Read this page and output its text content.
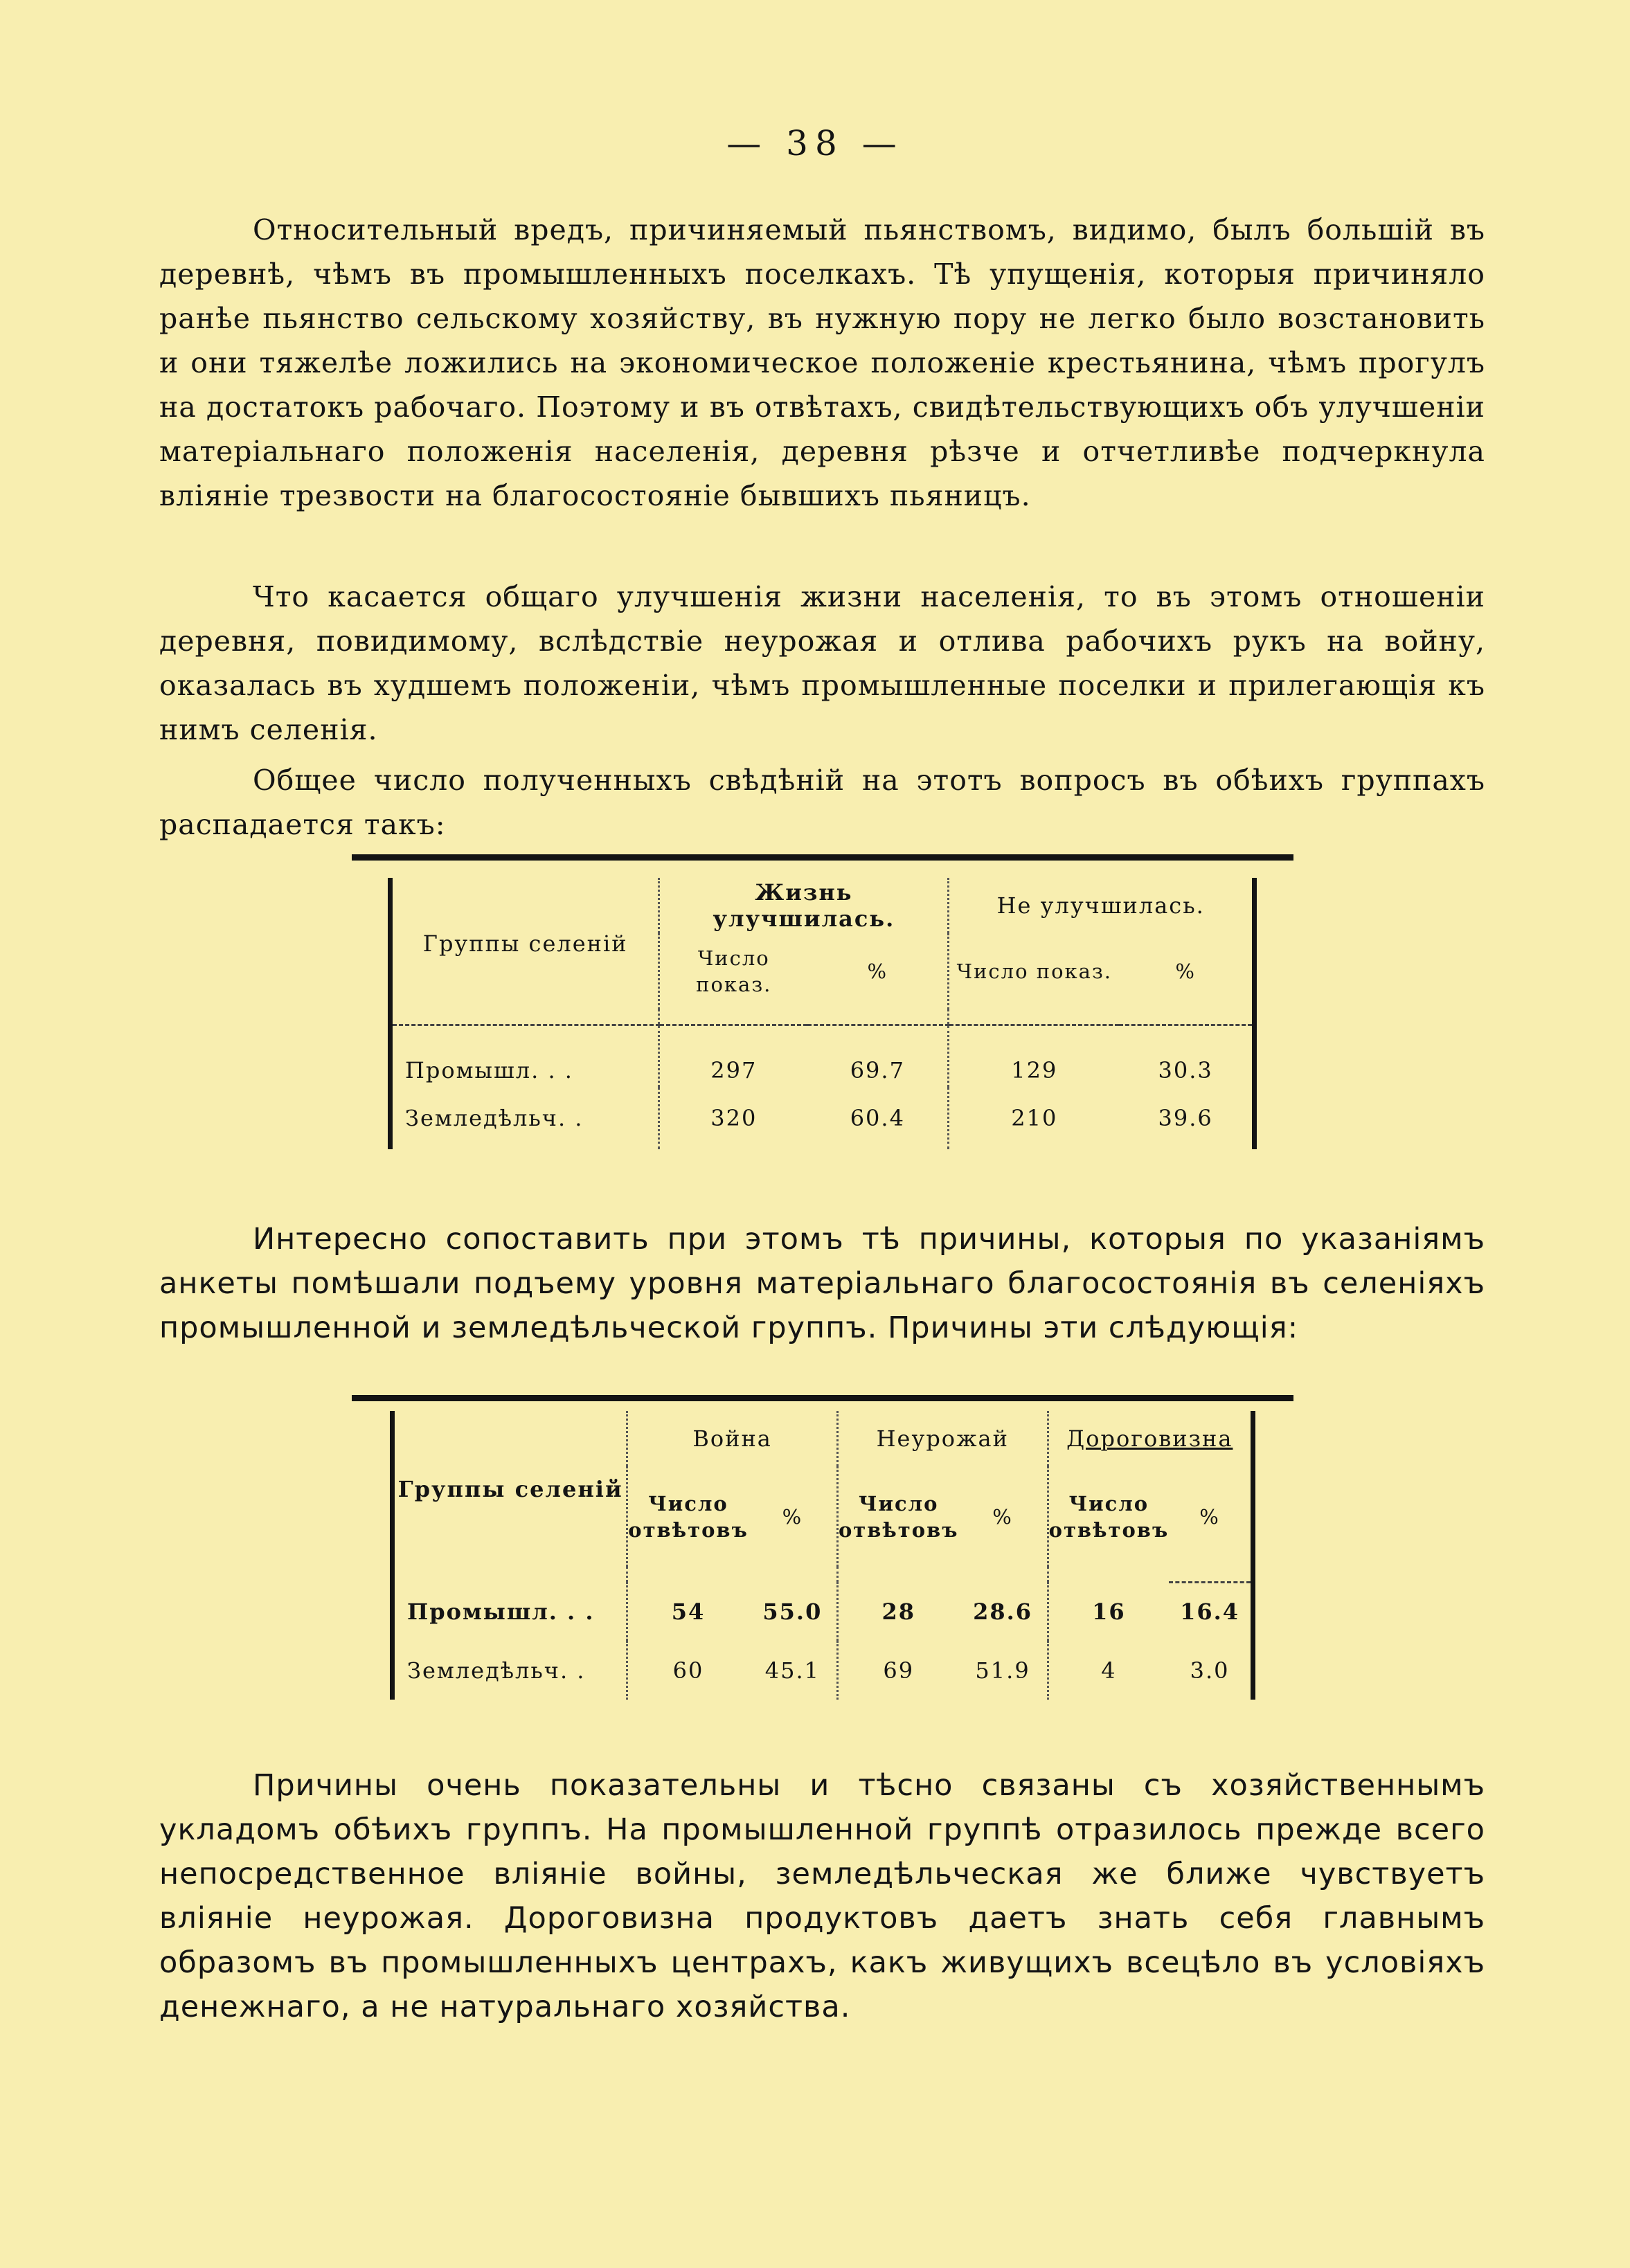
— 38 —

Относительный вредъ, причиняемый пьянствомъ, видимо, былъ большій въ деревнѣ, чѣмъ въ промышленныхъ поселкахъ. Тѣ упущенія, которыя причиняло ранѣе пьянство сельскому хозяйству, въ нужную пору не легко было возстановить и они тяжелѣе ложились на экономическое положеніе крестьянина, чѣмъ прогулъ на достатокъ рабочаго. Поэтому и въ отвѣтахъ, свидѣтельствующихъ объ улучшеніи матеріальнаго положенія населенія, деревня рѣзче и отчетливѣе подчеркнула вліяніе трезвости на благосостояніе бывшихъ пьяницъ.

Что касается общаго улучшенія жизни населенія, то въ этомъ отношеніи деревня, повидимому, вслѣдствіе неурожая и отлива рабочихъ рукъ на войну, оказалась въ худшемъ положеніи, чѣмъ промышленные поселки и прилегающія къ нимъ селенія.

Общее число полученныхъ свѣдѣній на этотъ вопросъ въ обѣихъ группахъ распадается такъ:

Группы селеній	Жизнь улучшилась.		Не улучшилась.	
	Число показ.	%	Число показ.	%

Промышл. . .	297	69.7	129	30.3
Земледѣльч. .	320	60.4	210	39.6

Интересно сопоставить при этомъ тѣ причины, которыя по указаніямъ анкеты помѣшали подъему уровня матеріальнаго благосостоянія въ селеніяхъ промышленной и земледѣльческой группъ. Причины эти слѣдующія:

Группы селеній	Война		Неурожай		Дороговизна	
	Число отвѣтовъ	%	Число отвѣтовъ	%	Число отвѣтовъ	%

Промышл. . .	54	55.0	28	28.6	16	16.4
Земледѣльч. .	60	45.1	69	51.9	4	3.0

Причины очень показательны и тѣсно связаны съ хозяйственнымъ укладомъ обѣихъ группъ. На промышленной группѣ отразилось прежде всего непосредственное вліяніе войны, земледѣльческая же ближе чувствуетъ вліяніе неурожая. Дороговизна продуктовъ даетъ знать себя главнымъ образомъ въ промышленныхъ центрахъ, какъ живущихъ всецѣло въ условіяхъ денежнаго, а не натуральнаго хозяйства.
